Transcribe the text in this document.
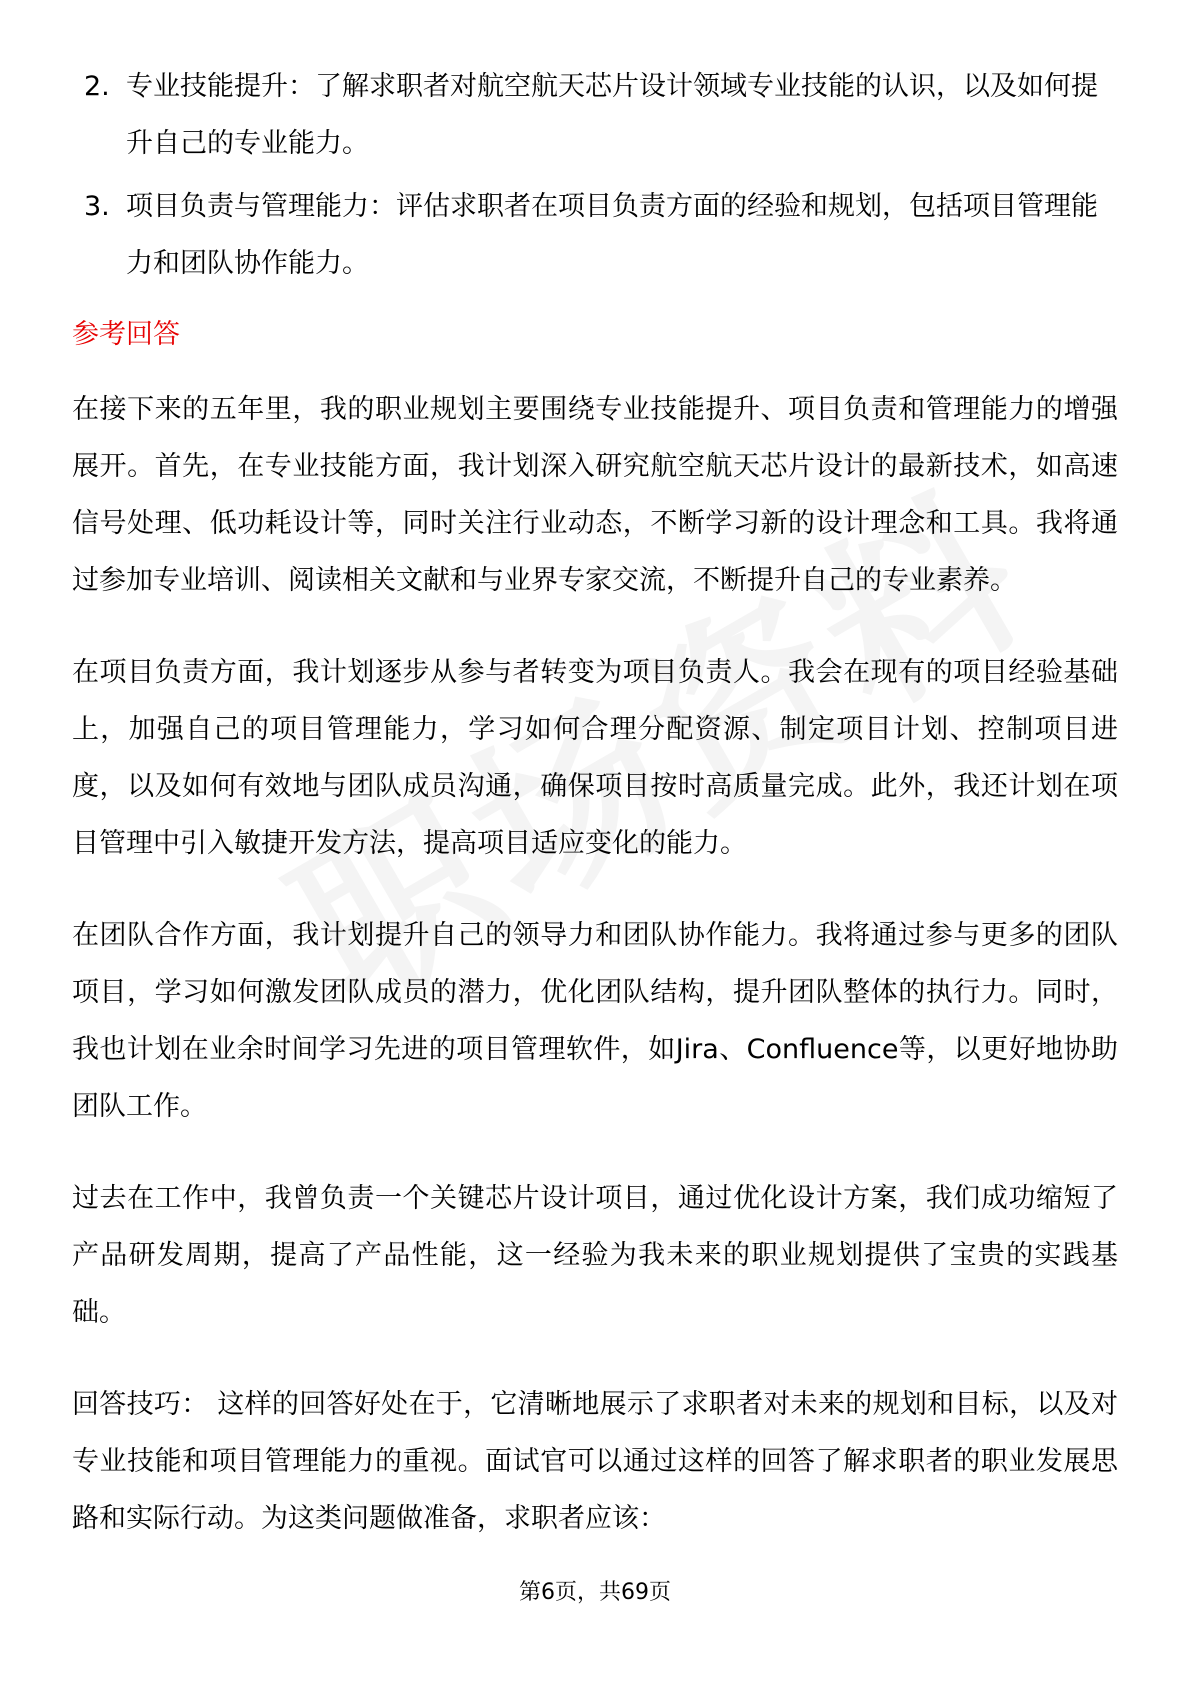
2. 专业技能提升：了解求职者对航空航天芯片设计领域专业技能的认识，以及如何提升自己的专业能力。
3. 项目负责与管理能力：评估求职者在项目负责方面的经验和规划，包括项目管理能力和团队协作能力。
参考回答

在接下来的五年里，我的职业规划主要围绕专业技能提升、项目负责和管理能力的增强展开。首先，在专业技能方面，我计划深入研究航空航天芯片设计的最新技术，如高速信号处理、低功耗设计等，同时关注行业动态，不断学习新的设计理念和工具。我将通过参加专业培训、阅读相关文献和与业界专家交流，不断提升自己的专业素养。

在项目负责方面，我计划逐步从参与者转变为项目负责人。我会在现有的项目经验基础上，加强自己的项目管理能力，学习如何合理分配资源、制定项目计划、控制项目进度，以及如何有效地与团队成员沟通，确保项目按时高质量完成。此外，我还计划在项目管理中引入敏捷开发方法，提高项目适应变化的能力。

在团队合作方面，我计划提升自己的领导力和团队协作能力。我将通过参与更多的团队项目，学习如何激发团队成员的潜力，优化团队结构，提升团队整体的执行力。同时，我也计划在业余时间学习先进的项目管理软件，如Jira、Confluence等，以更好地协助团队工作。

过去在工作中，我曾负责一个关键芯片设计项目，通过优化设计方案，我们成功缩短了产品研发周期，提高了产品性能，这一经验为我未来的职业规划提供了宝贵的实践基础。

回答技巧： 这样的回答好处在于，它清晰地展示了求职者对未来的规划和目标，以及对专业技能和项目管理能力的重视。面试官可以通过这样的回答了解求职者的职业发展思路和实际行动。为这类问题做准备，求职者应该：

第6页，共69页
